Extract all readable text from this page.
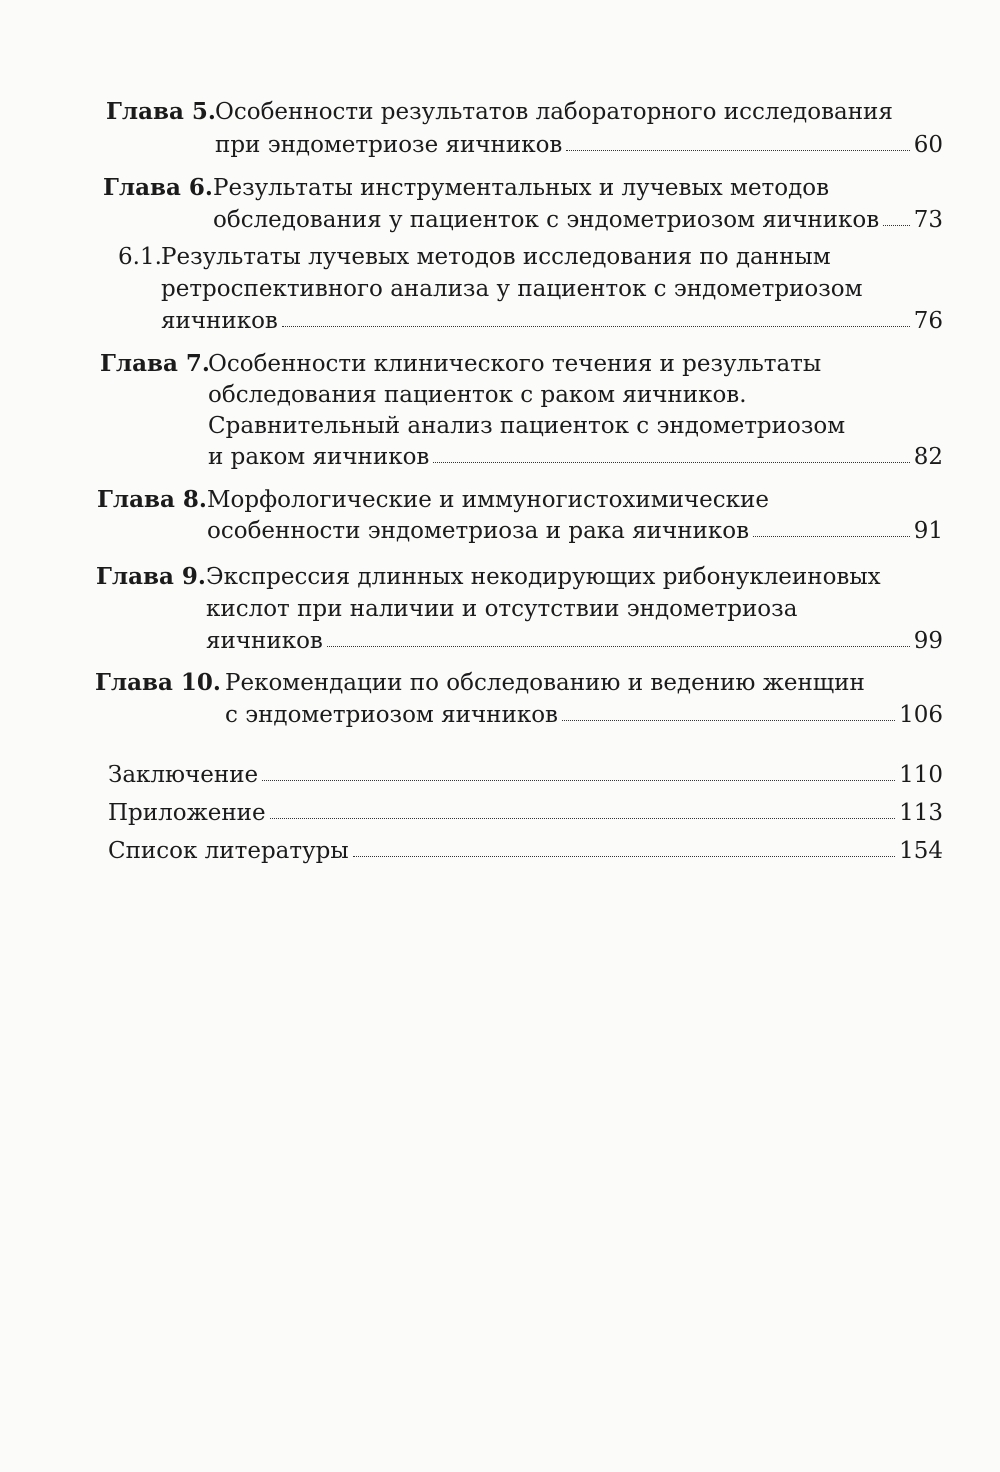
Глава 5. Особенности результатов лабораторного исследования
при эндометриозе яичников	60
Глава 6. Результаты инструментальных и лучевых методов
обследования у пациенток с эндометриозом яичников 73
6.1. Результаты лучевых методов исследования по данным
ретроспективного анализа у пациенток с эндометриозом
яичников	76
Глава 7.
Особенности клинического течения и результаты
обследования пациенток с раком яичников.
Сравнительный анализ пациенток с эндометриозом
и раком яичников	82
Глава 8. Морфологические и иммуногистохимические
особенности эндометриоза и рака яичников	91
Глава 9. Экспрессия длинных некодирующих рибонуклеиновых
кислот при наличии и отсутствии эндометриоза
яичников	99
Глава 10. Рекомендации по обследованию и ведению женщин
с эндометриозом яичников	106
Заключение	110
Приложение	113
Список литературы	154
